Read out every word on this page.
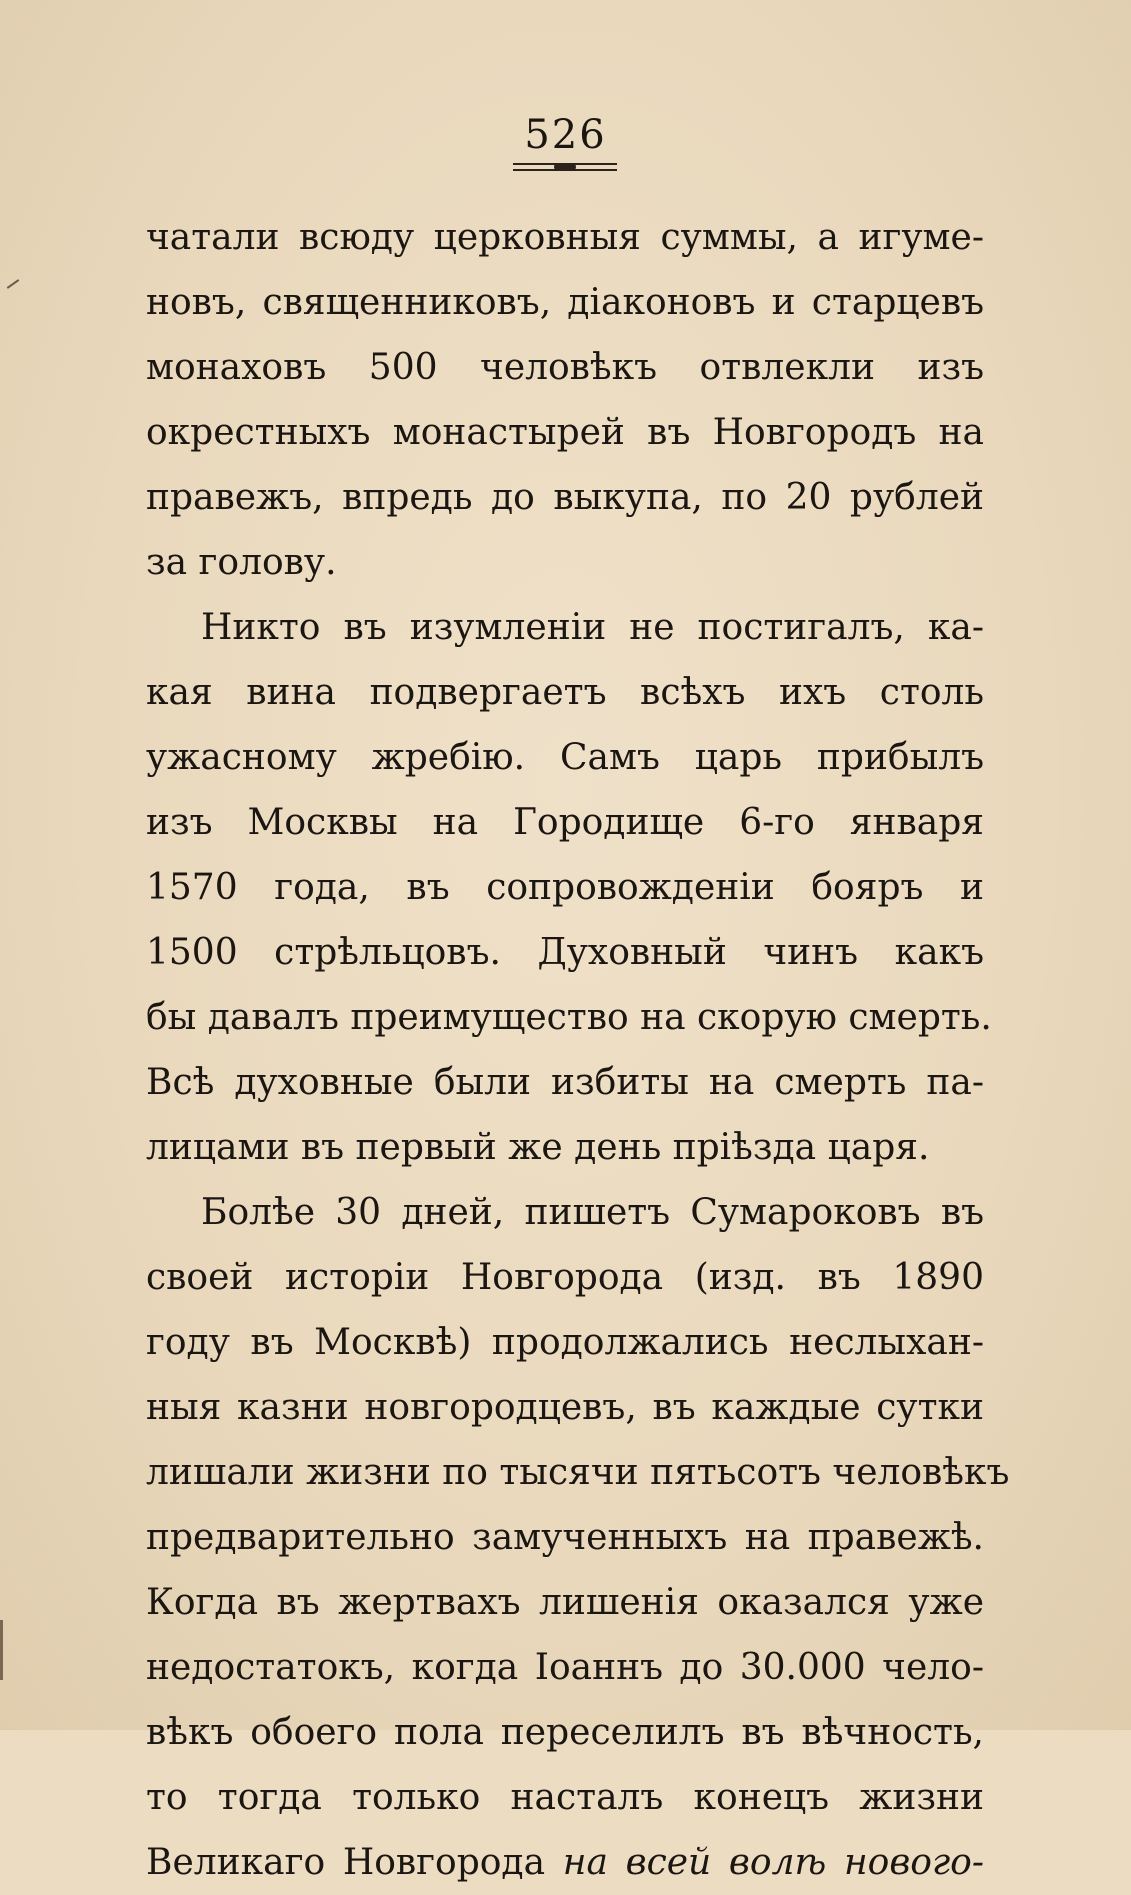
526
чатали всюду церковныя суммы, а игуме-
новъ, священниковъ, діаконовъ и старцевъ
монаховъ 500 человѣкъ отвлекли изъ
окрестныхъ монастырей въ Новгородъ на
правежъ, впредь до выкупа, по 20 рублей
за голову.
Никто въ изумленіи не постигалъ, ка-
кая вина подвергаетъ всѣхъ ихъ столь
ужасному жребію. Самъ царь прибылъ
изъ Москвы на Городище 6-го января
1570 года, въ сопровожденіи бояръ и
1500 стрѣльцовъ. Духовный чинъ какъ
бы давалъ преимущество на скорую смерть.
Всѣ духовные были избиты на смерть па-
лицами въ первый же день пріѣзда царя.
Болѣе 30 дней, пишетъ Сумароковъ въ
своей исторіи Новгорода (изд. въ 1890
году въ Москвѣ) продолжались неслыхан-
ныя казни новгородцевъ, въ каждые сутки
лишали жизни по тысячи пятьсотъ человѣкъ
предварительно замученныхъ на правежѣ.
Когда въ жертвахъ лишенія оказался уже
недостатокъ, когда Іоаннъ до 30.000 чело-
вѣкъ обоего пола переселилъ въ вѣчность,
то тогда только насталъ конецъ жизни
Великаго Новгорода на всей волѣ нового-
